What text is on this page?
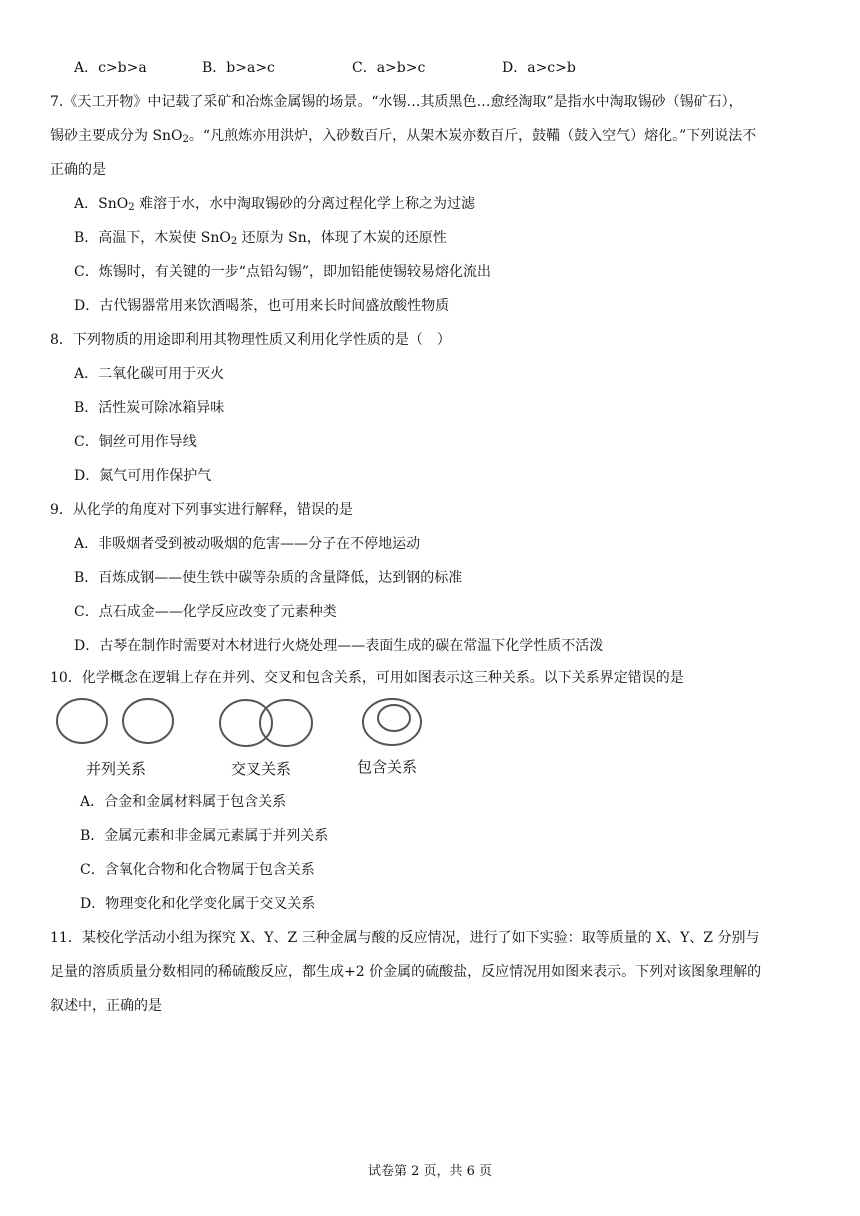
A．c>b>a	B．b>a>c	C．a>b>c	D．a>c>b
7.《天工开物》中记载了采矿和冶炼金属锡的场景。“水锡…其质黑色…愈经淘取”是指水中淘取锡砂（锡矿石），
锡砂主要成分为 SnO$_2$。“凡煎炼亦用洪炉，入砂数百斤，从架木炭亦数百斤，鼓鞴（鼓入空气）熔化。”下列说法不
正确的是
A．SnO$_2$ 难溶于水，水中淘取锡砂的分离过程化学上称之为过滤
B．高温下，木炭使 SnO$_2$ 还原为 Sn，体现了木炭的还原性
C．炼锡时，有关键的一步“点铅勾锡”，即加铅能使锡较易熔化流出
D．古代锡器常用来饮酒喝茶，也可用来长时间盛放酸性物质
8．下列物质的用途即利用其物理性质又利用化学性质的是（　）
A．二氧化碳可用于灭火
B．活性炭可除冰箱异味
C．铜丝可用作导线
D．氮气可用作保护气
9．从化学的角度对下列事实进行解释，错误的是
A．非吸烟者受到被动吸烟的危害——分子在不停地运动
B．百炼成钢——使生铁中碳等杂质的含量降低，达到钢的标准
C．点石成金——化学反应改变了元素种类
D．古琴在制作时需要对木材进行火烧处理——表面生成的碳在常温下化学性质不活泼
10．化学概念在逻辑上存在并列、交叉和包含关系，可用如图表示这三种关系。以下关系界定错误的是
并列关系	交叉关系	包含关系
A．合金和金属材料属于包含关系
B．金属元素和非金属元素属于并列关系
C．含氧化合物和化合物属于包含关系
D．物理变化和化学变化属于交叉关系
11．某校化学活动小组为探究 X、Y、Z 三种金属与酸的反应情况，进行了如下实验：取等质量的 X、Y、Z 分别与
足量的溶质质量分数相同的稀硫酸反应，都生成+2 价金属的硫酸盐，反应情况用如图来表示。下列对该图象理解的
叙述中，正确的是
试卷第 2 页，共 6 页
